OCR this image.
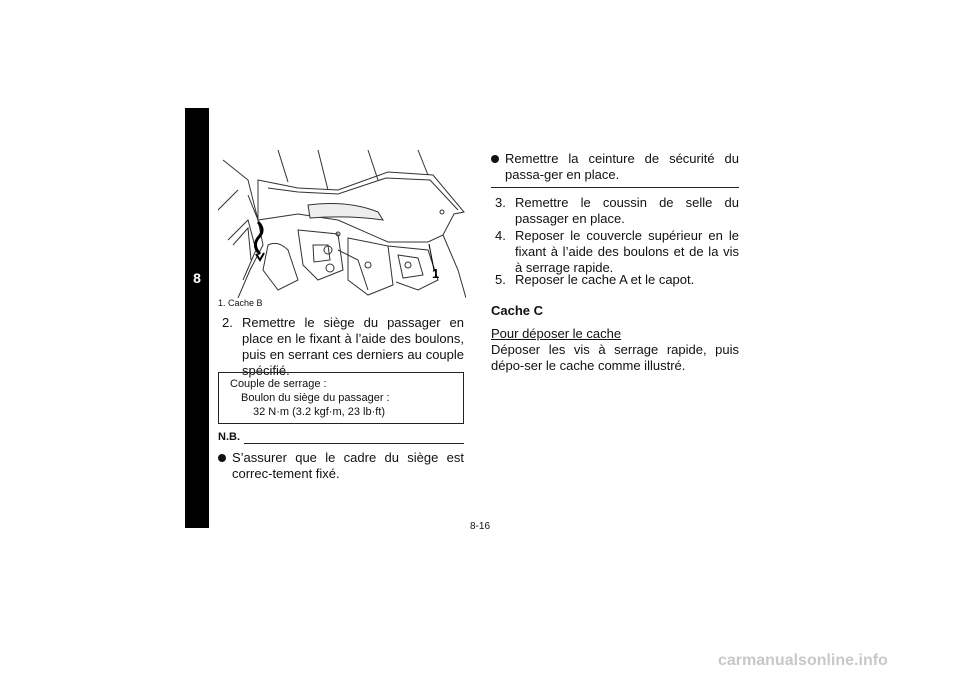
8	1
1. Cache B
2. Remettre le siège du passager en place en le fixant à l’aide des boulons, puis en serrant ces derniers au couple spécifié.
Couple de serrage :
Boulon du siège du passager :
32 N·m (3.2 kgf·m, 23 lb·ft)
N.B.
S’assurer que le cadre du siège est correc-tement fixé.
Remettre la ceinture de sécurité du passa-ger en place.
3. Remettre le coussin de selle du passager en place.
4. Reposer le couvercle supérieur en le fixant à l’aide des boulons et de la vis à serrage rapide.
5. Reposer le cache A et le capot.
Cache C
Pour déposer le cache
Déposer les vis à serrage rapide, puis dépo-ser le cache comme illustré.
8-16
carmanualsonline.info
